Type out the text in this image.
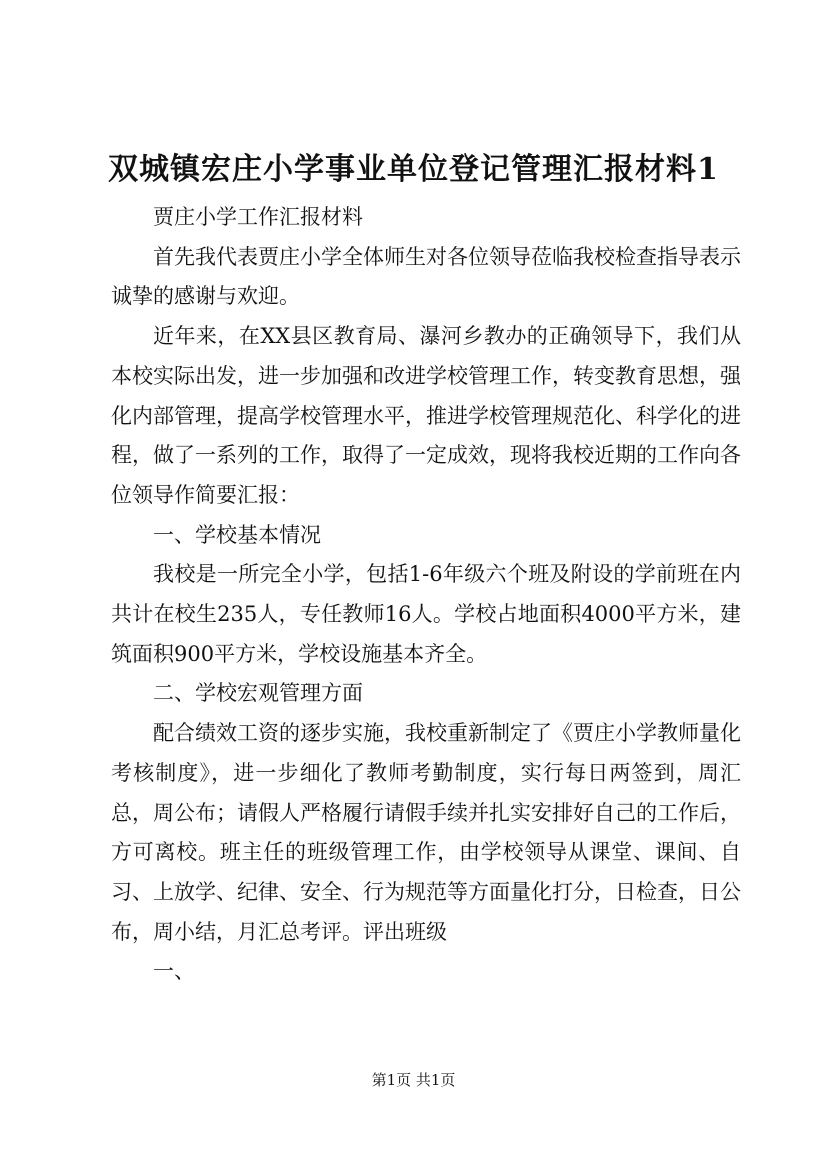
双城镇宏庄小学事业单位登记管理汇报材料1

贾庄小学工作汇报材料

首先我代表贾庄小学全体师生对各位领导莅临我校检查指导表示诚挚的感谢与欢迎。

近年来，在XX县区教育局、瀑河乡教办的正确领导下，我们从本校实际出发，进一步加强和改进学校管理工作，转变教育思想，强化内部管理，提高学校管理水平，推进学校管理规范化、科学化的进程，做了一系列的工作，取得了一定成效，现将我校近期的工作向各位领导作简要汇报：

一、学校基本情况

我校是一所完全小学，包括1-6年级六个班及附设的学前班在内共计在校生235人，专任教师16人。学校占地面积4000平方米，建筑面积900平方米，学校设施基本齐全。

二、学校宏观管理方面

配合绩效工资的逐步实施，我校重新制定了《贾庄小学教师量化考核制度》，进一步细化了教师考勤制度，实行每日两签到，周汇总，周公布；请假人严格履行请假手续并扎实安排好自己的工作后，方可离校。班主任的班级管理工作，由学校领导从课堂、课间、自习、上放学、纪律、安全、行为规范等方面量化打分，日检查，日公布，周小结，月汇总考评。评出班级

一、

第1页 共1页
